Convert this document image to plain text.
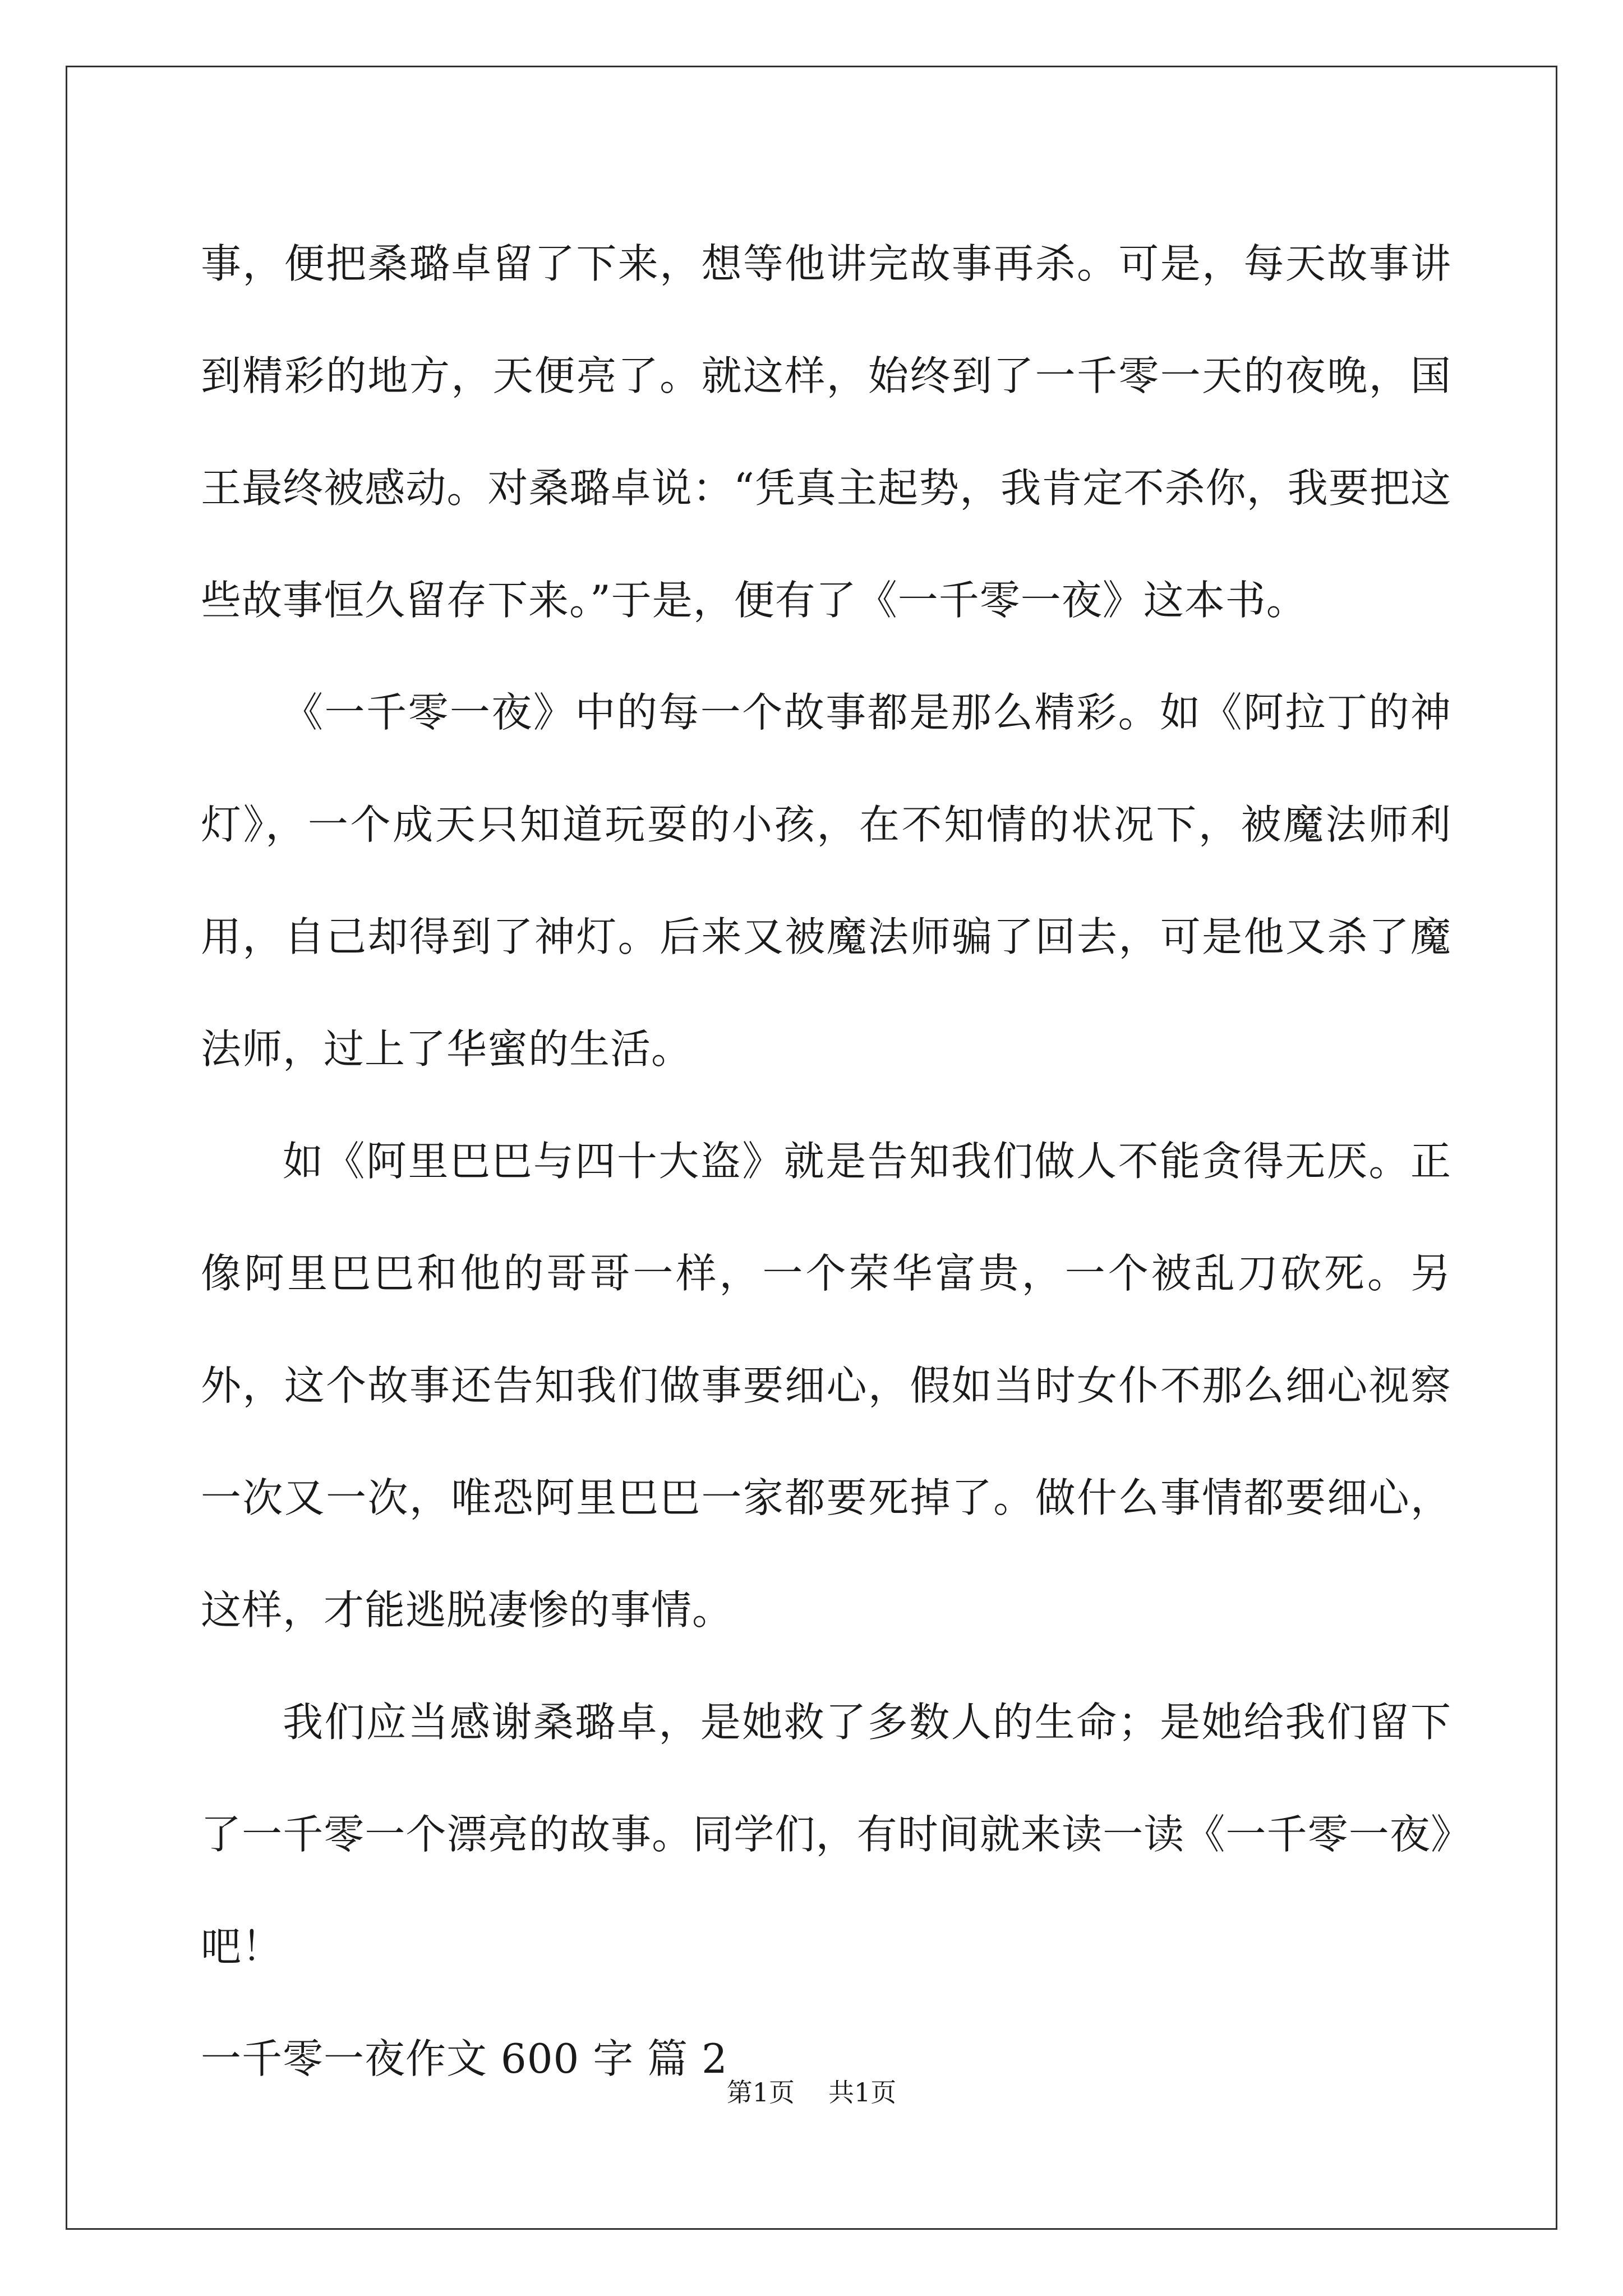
事，便把桑璐卓留了下来，想等他讲完故事再杀。可是，每天故事讲到精彩的地方，天便亮了。就这样，始终到了一千零一天的夜晚，国王最终被感动。对桑璐卓说：“凭真主起势，我肯定不杀你，我要把这些故事恒久留存下来。”于是，便有了《一千零一夜》这本书。

《一千零一夜》中的每一个故事都是那么精彩。如《阿拉丁的神灯》，一个成天只知道玩耍的小孩，在不知情的状况下，被魔法师利用，自己却得到了神灯。后来又被魔法师骗了回去，可是他又杀了魔法师，过上了华蜜的生活。

如《阿里巴巴与四十大盗》就是告知我们做人不能贪得无厌。正像阿里巴巴和他的哥哥一样，一个荣华富贵，一个被乱刀砍死。另外，这个故事还告知我们做事要细心，假如当时女仆不那么细心视察一次又一次，唯恐阿里巴巴一家都要死掉了。做什么事情都要细心，这样，才能逃脱凄惨的事情。

我们应当感谢桑璐卓，是她救了多数人的生命；是她给我们留下了一千零一个漂亮的故事。同学们，有时间就来读一读《一千零一夜》吧！

一千零一夜作文 600 字 篇 2

第1页 共1页
